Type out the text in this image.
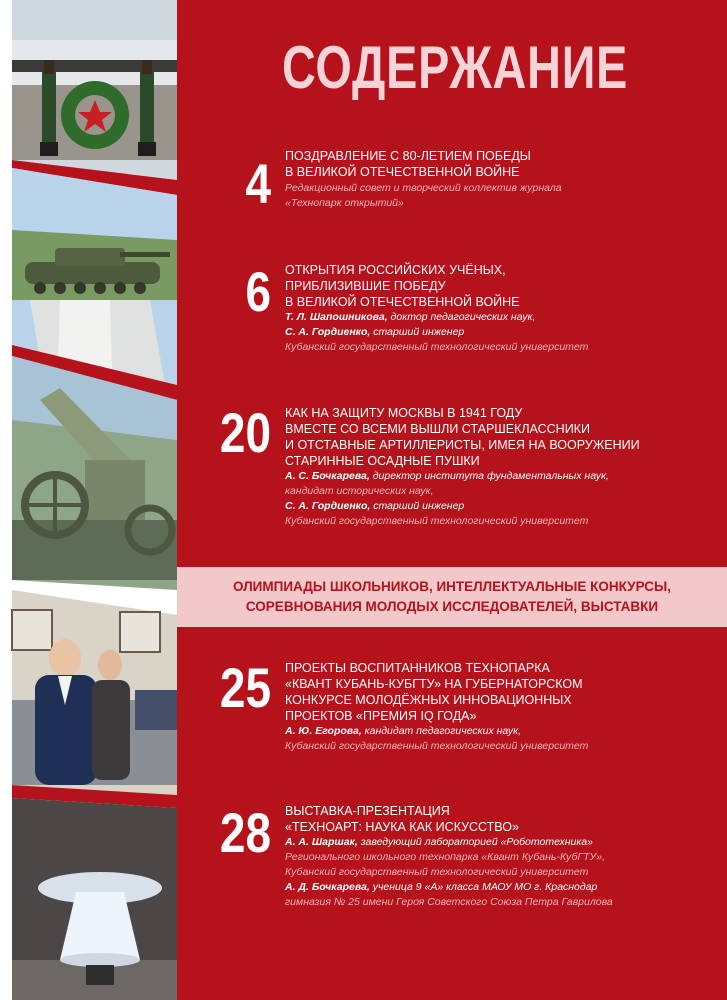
СОДЕРЖАНИЕ
4 ПОЗДРАВЛЕНИЕ С 80-ЛЕТИЕМ ПОБЕДЫ
В ВЕЛИКОЙ ОТЕЧЕСТВЕННОЙ ВОЙНЕ
Редакционный совет и творческий коллектив журнала
«Технопарк открытий»
6 ОТКРЫТИЯ РОССИЙСКИХ УЧЁНЫХ,
ПРИБЛИЗИВШИЕ ПОБЕДУ
В ВЕЛИКОЙ ОТЕЧЕСТВЕННОЙ ВОЙНЕ
Т. Л. Шапошникова, доктор педагогических наук,
С. А. Гордиенко, старший инженер
Кубанский государственный технологический университет
20 КАК НА ЗАЩИТУ МОСКВЫ В 1941 ГОДУ
ВМЕСТЕ СО ВСЕМИ ВЫШЛИ СТАРШЕКЛАССНИКИ
И ОТСТАВНЫЕ АРТИЛЛЕРИСТЫ, ИМЕЯ НА ВООРУЖЕНИИ
СТАРИННЫЕ ОСАДНЫЕ ПУШКИ
А. С. Бочкарева, директор института фундаментальных наук,
кандидат исторических наук,
С. А. Гордиенко, старший инженер
Кубанский государственный технологический университет
ОЛИМПИАДЫ ШКОЛЬНИКОВ, ИНТЕЛЛЕКТУАЛЬНЫЕ КОНКУРСЫ,
СОРЕВНОВАНИЯ МОЛОДЫХ ИССЛЕДОВАТЕЛЕЙ, ВЫСТАВКИ
25 ПРОЕКТЫ ВОСПИТАННИКОВ ТЕХНОПАРКА
«КВАНТ КУБАНЬ-КУБГТУ» НА ГУБЕРНАТОРСКОМ
КОНКУРСЕ МОЛОДЁЖНЫХ ИННОВАЦИОННЫХ
ПРОЕКТОВ «ПРЕМИЯ IQ ГОДА»
А. Ю. Егорова, кандидат педагогических наук,
Кубанский государственный технологический университет
28 ВЫСТАВКА-ПРЕЗЕНТАЦИЯ
«ТЕХНОАРТ: НАУКА КАК ИСКУССТВО»
А. А. Шаршак, заведующий лабораторией «Робототехника»
Регионального школьного технопарка «Квант Кубань-КубГТУ»,
Кубанский государственный технологический университет
А. Д. Бочкарева, ученица 9 «А» класса МАОУ МО г. Краснодар
гимназия № 25 имени Героя Советского Союза Петра Гаврилова
